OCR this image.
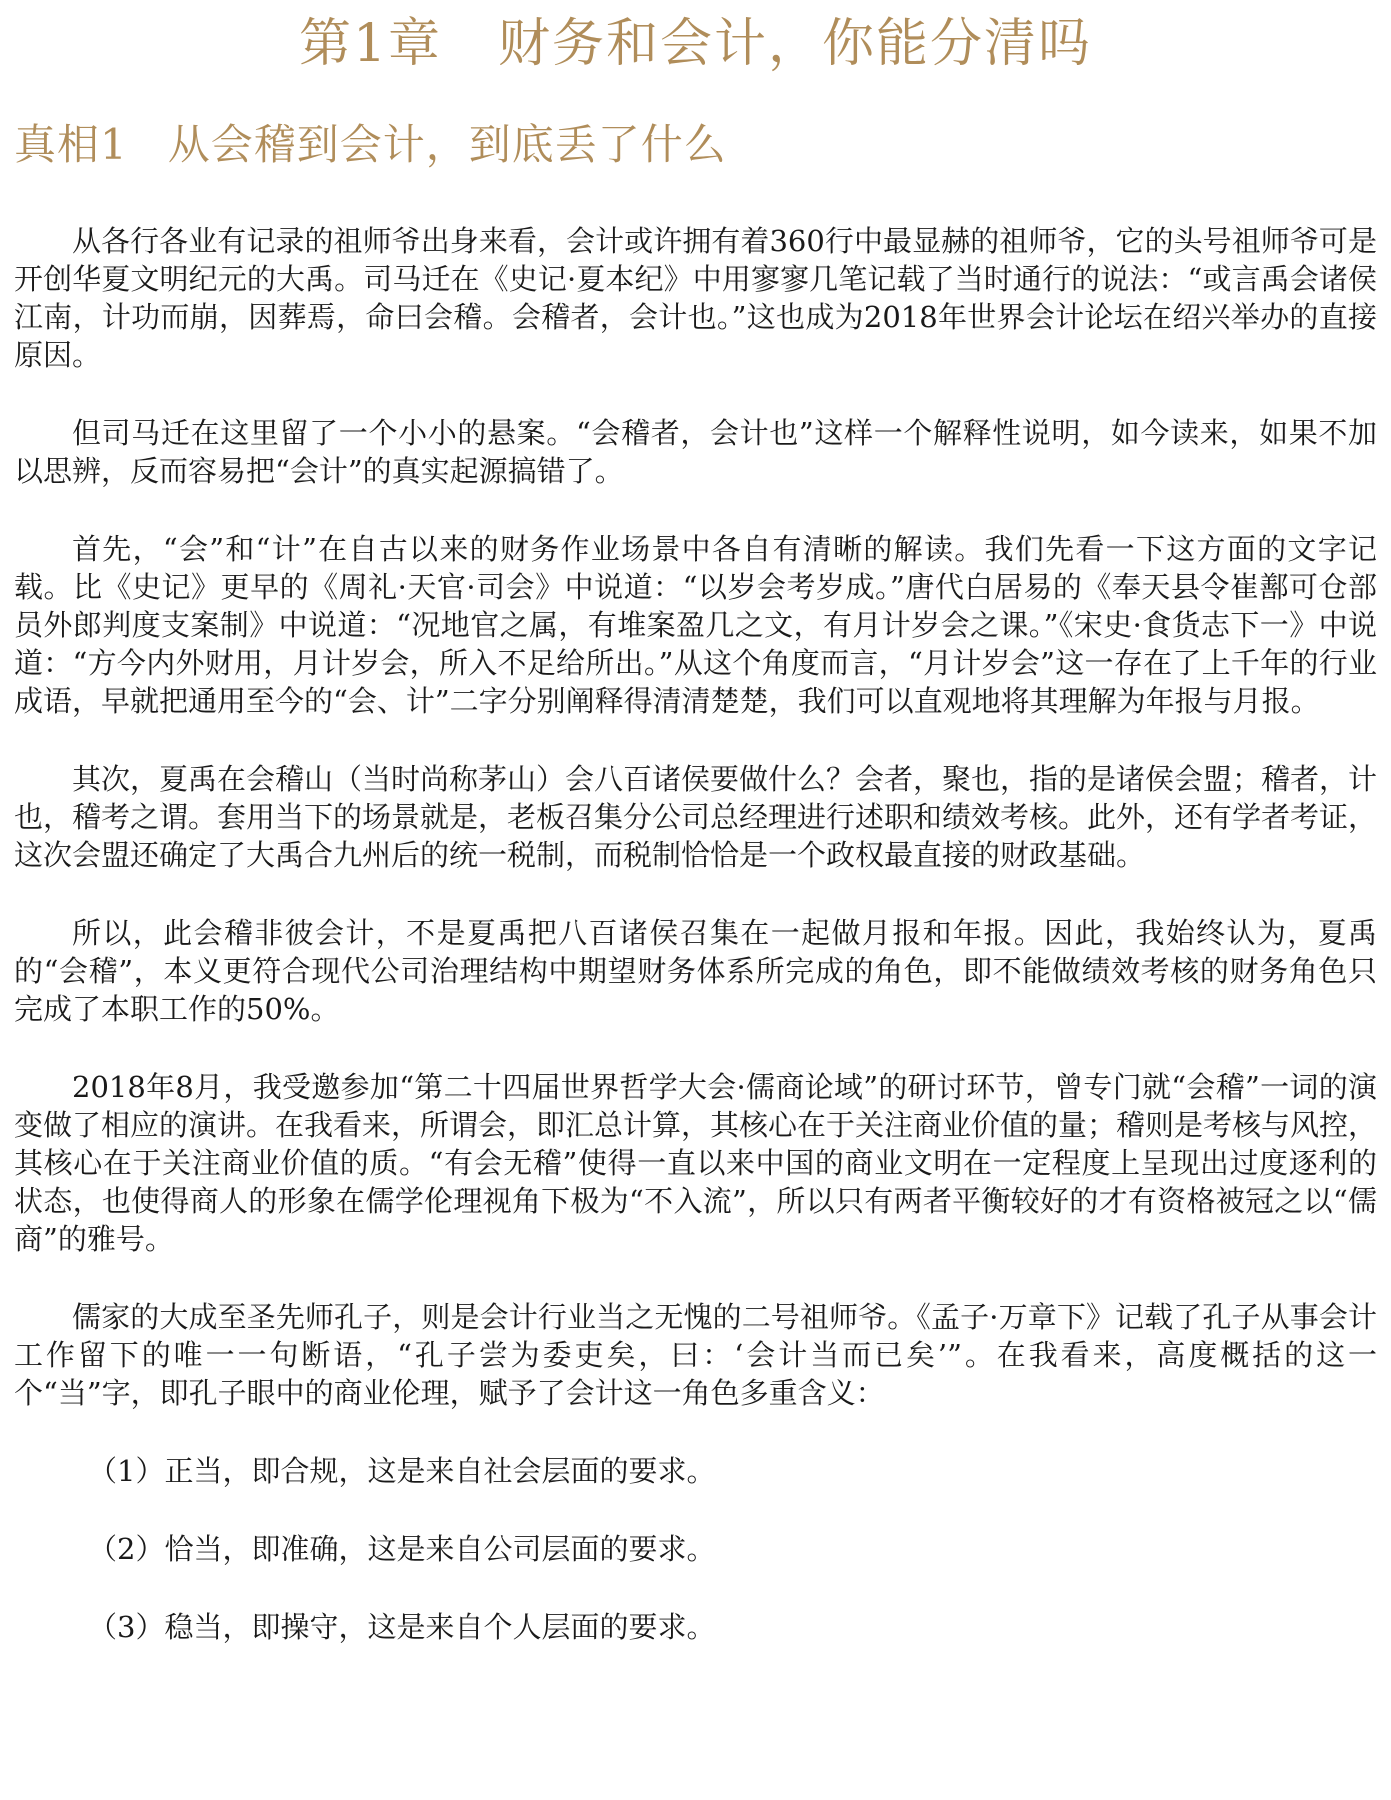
第1章 财务和会计，你能分清吗
真相1 从会稽到会计，到底丢了什么

从各行各业有记录的祖师爷出身来看，会计或许拥有着360行中最显赫的祖师爷，它的头号祖师爷可是开创华夏文明纪元的大禹。司马迁在《史记·夏本纪》中用寥寥几笔记载了当时通行的说法：“或言禹会诸侯江南，计功而崩，因葬焉，命曰会稽。会稽者，会计也。”这也成为2018年世界会计论坛在绍兴举办的直接原因。

但司马迁在这里留了一个小小的悬案。“会稽者，会计也”这样一个解释性说明，如今读来，如果不加以思辨，反而容易把“会计”的真实起源搞错了。

首先，“会”和“计”在自古以来的财务作业场景中各自有清晰的解读。我们先看一下这方面的文字记载。比《史记》更早的《周礼·天官·司会》中说道：“以岁会考岁成。”唐代白居易的《奉天县令崔鄯可仓部员外郎判度支案制》中说道：“况地官之属，有堆案盈几之文，有月计岁会之课。”《宋史·食货志下一》中说道：“方今内外财用，月计岁会，所入不足给所出。”从这个角度而言，“月计岁会”这一存在了上千年的行业成语，早就把通用至今的“会、计”二字分别阐释得清清楚楚，我们可以直观地将其理解为年报与月报。

其次，夏禹在会稽山（当时尚称茅山）会八百诸侯要做什么？会者，聚也，指的是诸侯会盟；稽者，计也，稽考之谓。套用当下的场景就是，老板召集分公司总经理进行述职和绩效考核。此外，还有学者考证，这次会盟还确定了大禹合九州后的统一税制，而税制恰恰是一个政权最直接的财政基础。

所以，此会稽非彼会计，不是夏禹把八百诸侯召集在一起做月报和年报。因此，我始终认为，夏禹的“会稽”，本义更符合现代公司治理结构中期望财务体系所完成的角色，即不能做绩效考核的财务角色只完成了本职工作的50%。

2018年8月，我受邀参加“第二十四届世界哲学大会·儒商论域”的研讨环节，曾专门就“会稽”一词的演变做了相应的演讲。在我看来，所谓会，即汇总计算，其核心在于关注商业价值的量；稽则是考核与风控，其核心在于关注商业价值的质。“有会无稽”使得一直以来中国的商业文明在一定程度上呈现出过度逐利的状态，也使得商人的形象在儒学伦理视角下极为“不入流”，所以只有两者平衡较好的才有资格被冠之以“儒商”的雅号。

儒家的大成至圣先师孔子，则是会计行业当之无愧的二号祖师爷。《孟子·万章下》记载了孔子从事会计工作留下的唯一一句断语，“孔子尝为委吏矣，曰：‘会计当而已矣’”。在我看来，高度概括的这一个“当”字，即孔子眼中的商业伦理，赋予了会计这一角色多重含义：

（1）正当，即合规，这是来自社会层面的要求。

（2）恰当，即准确，这是来自公司层面的要求。

（3）稳当，即操守，这是来自个人层面的要求。
